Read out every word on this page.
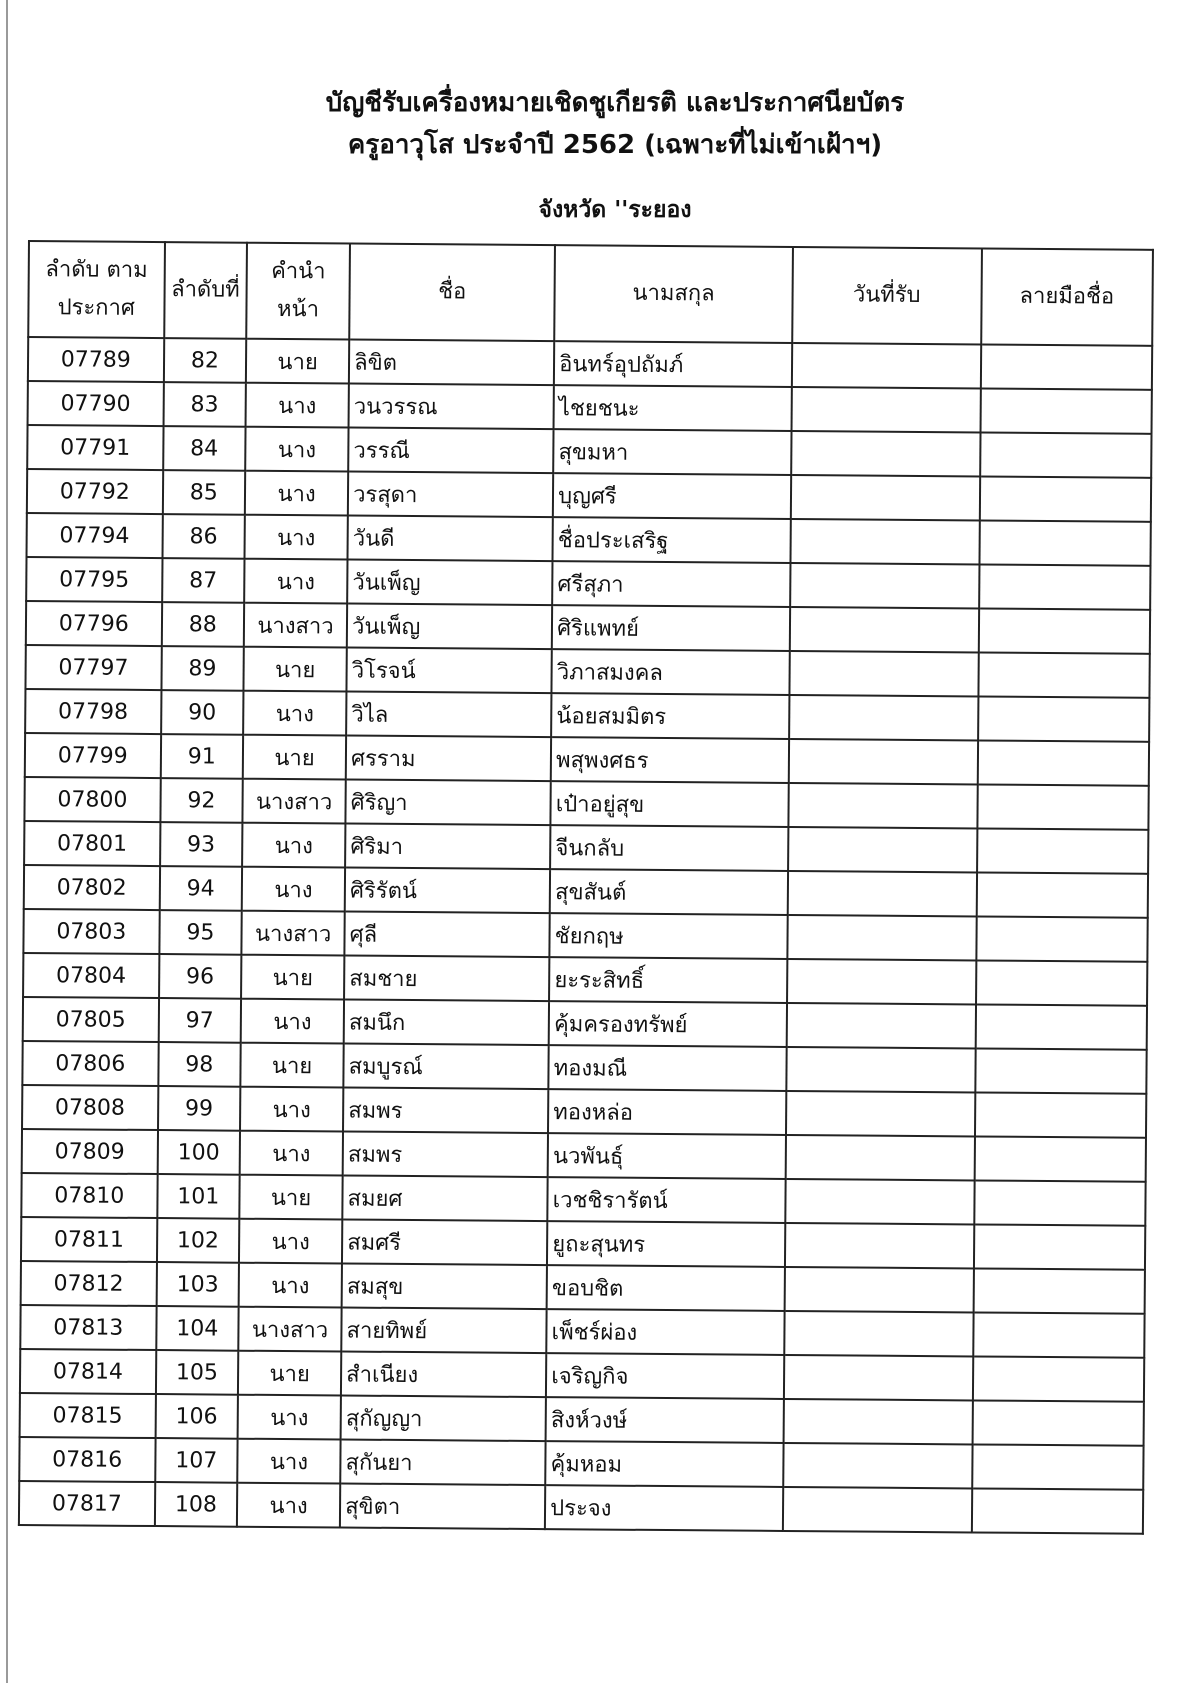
บัญชีรับเครื่องหมายเชิดชูเกียรติ และประกาศนียบัตร
ครูอาวุโส ประจำปี 2562 (เฉพาะที่ไม่เข้าเฝ้าฯ)
จังหวัด ''ระยอง
ลำดับ ตามประกาศ	ลำดับที่	คำนำหน้า	ชื่อ	นามสกุล	วันที่รับ	ลายมือชื่อ
07789	82	นาย	ลิขิต	อินทร์อุปถัมภ์		
07790	83	นาง	วนวรรณ	ไชยชนะ		
07791	84	นาง	วรรณี	สุขมหา		
07792	85	นาง	วรสุดา	บุญศรี		
07794	86	นาง	วันดี	ชื่อประเสริฐ		
07795	87	นาง	วันเพ็ญ	ศรีสุภา		
07796	88	นางสาว	วันเพ็ญ	ศิริแพทย์		
07797	89	นาย	วิโรจน์	วิภาสมงคล		
07798	90	นาง	วิไล	น้อยสมมิตร		
07799	91	นาย	ศรราม	พสุพงศธร		
07800	92	นางสาว	ศิริญา	เป๋าอยู่สุข		
07801	93	นาง	ศิริมา	จีนกลับ		
07802	94	นาง	ศิริรัตน์	สุขสันต์		
07803	95	นางสาว	ศุลี	ชัยกฤษ		
07804	96	นาย	สมชาย	ยะระสิทธิ์		
07805	97	นาง	สมนึก	คุ้มครองทรัพย์		
07806	98	นาย	สมบูรณ์	ทองมณี		
07808	99	นาง	สมพร	ทองหล่อ		
07809	100	นาง	สมพร	นวพันธุ์		
07810	101	นาย	สมยศ	เวชชิรารัตน์		
07811	102	นาง	สมศรี	ยูถะสุนทร		
07812	103	นาง	สมสุข	ขอบชิต		
07813	104	นางสาว	สายทิพย์	เพ็ชร์ผ่อง		
07814	105	นาย	สำเนียง	เจริญกิจ		
07815	106	นาง	สุกัญญา	สิงห์วงษ์		
07816	107	นาง	สุกันยา	คุ้มหอม		
07817	108	นาง	สุขิตา	ประจง		
